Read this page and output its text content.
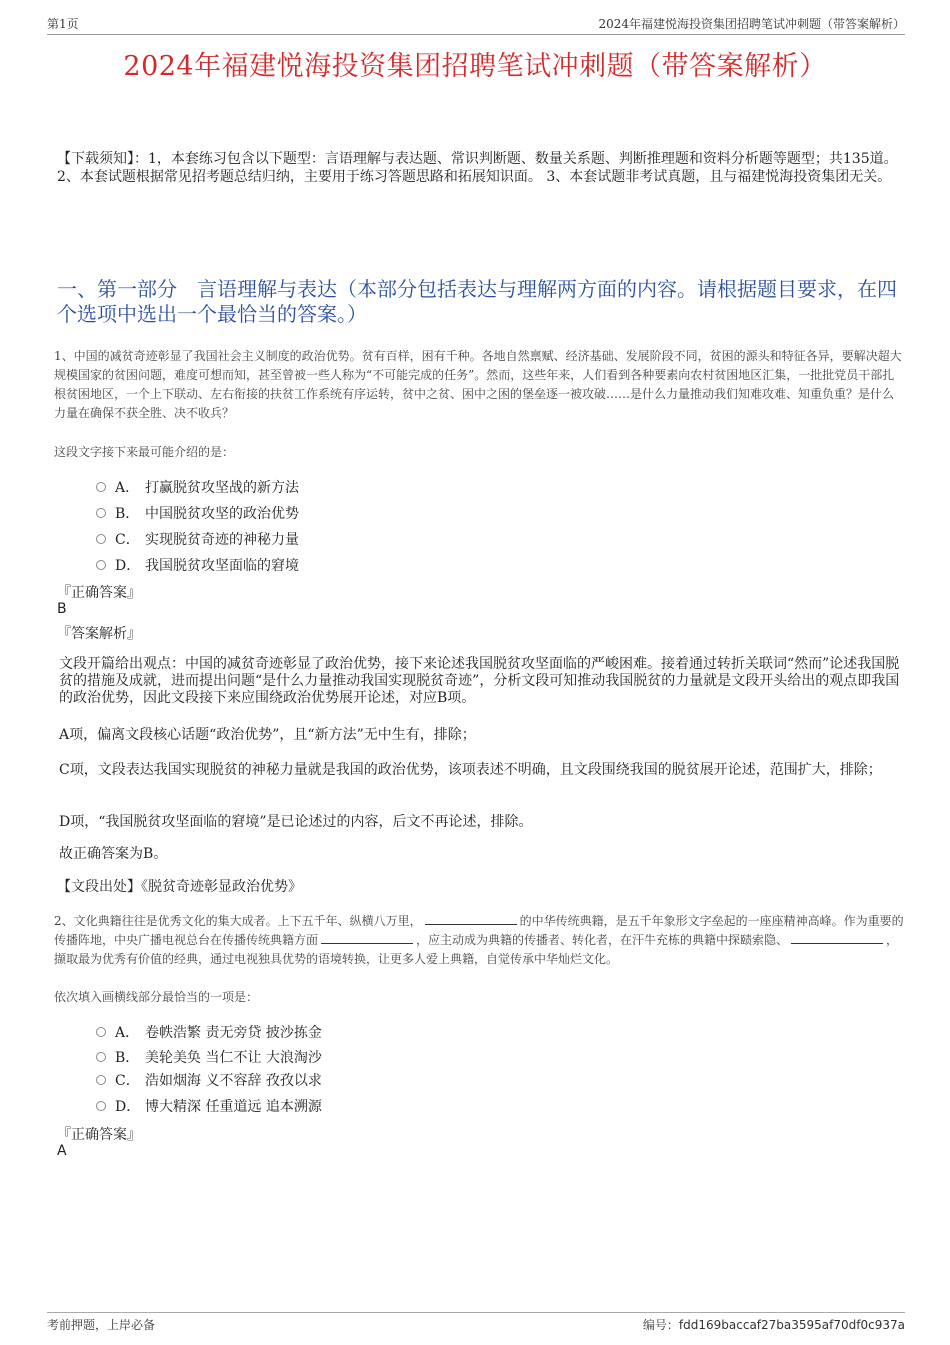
第1页	2024年福建悦海投资集团招聘笔试冲刺题（带答案解析）
2024年福建悦海投资集团招聘笔试冲刺题（带答案解析）
【下载须知】：1，本套练习包含以下题型：言语理解与表达题、常识判断题、数量关系题、判断推理题和资料分析题等题型；共135道。 2、本套试题根据常见招考题总结归纳，主要用于练习答题思路和拓展知识面。 3、本套试题非考试真题，且与福建悦海投资集团无关。
一、第一部分　言语理解与表达（本部分包括表达与理解两方面的内容。请根据题目要求，在四个选项中选出一个最恰当的答案。）
1、中国的减贫奇迹彰显了我国社会主义制度的政治优势。贫有百样，困有千种。各地自然禀赋、经济基础、发展阶段不同，贫困的源头和特征各异，要解决超大规模国家的贫困问题，难度可想而知，甚至曾被一些人称为“不可能完成的任务”。然而，这些年来，人们看到各种要素向农村贫困地区汇集，一批批党员干部扎根贫困地区，一个上下联动、左右衔接的扶贫工作系统有序运转，贫中之贫、困中之困的堡垒逐一被攻破……是什么力量推动我们知难攻难、知重负重？是什么力量在确保不获全胜、决不收兵？
这段文字接下来最可能介绍的是：
A． 打赢脱贫攻坚战的新方法
B． 中国脱贫攻坚的政治优势
C． 实现脱贫奇迹的神秘力量
D． 我国脱贫攻坚面临的窘境
『正确答案』
B
『答案解析』
文段开篇给出观点：中国的减贫奇迹彰显了政治优势，接下来论述我国脱贫攻坚面临的严峻困难。接着通过转折关联词“然而”论述我国脱贫的措施及成就，进而提出问题“是什么力量推动我国实现脱贫奇迹”，分析文段可知推动我国脱贫的力量就是文段开头给出的观点即我国的政治优势，因此文段接下来应围绕政治优势展开论述，对应B项。
A项，偏离文段核心话题“政治优势”，且“新方法”无中生有，排除；
C项，文段表达我国实现脱贫的神秘力量就是我国的政治优势，该项表述不明确，且文段围绕我国的脱贫展开论述，范围扩大，排除；
D项，“我国脱贫攻坚面临的窘境”是已论述过的内容，后文不再论述，排除。
故正确答案为B。
【文段出处】《脱贫奇迹彰显政治优势》
2、文化典籍往往是优秀文化的集大成者。上下五千年、纵横八万里，	的中华传统典籍，是五千年象形文字垒起的一座座精神高峰。作为重要的传播阵地，中央广播电视总台在传播传统典籍方面	，应主动成为典籍的传播者、转化者，在汗牛充栋的典籍中探赜索隐、	，撷取最为优秀有价值的经典，通过电视独具优势的语境转换，让更多人爱上典籍，自觉传承中华灿烂文化。
依次填入画横线部分最恰当的一项是：
A． 卷帙浩繁 责无旁贷 披沙拣金
B． 美轮美奂 当仁不让 大浪淘沙
C． 浩如烟海 义不容辞 孜孜以求
D． 博大精深 任重道远 追本溯源
『正确答案』
A
考前押题，上岸必备	编号：fdd169baccaf27ba3595af70df0c937a
